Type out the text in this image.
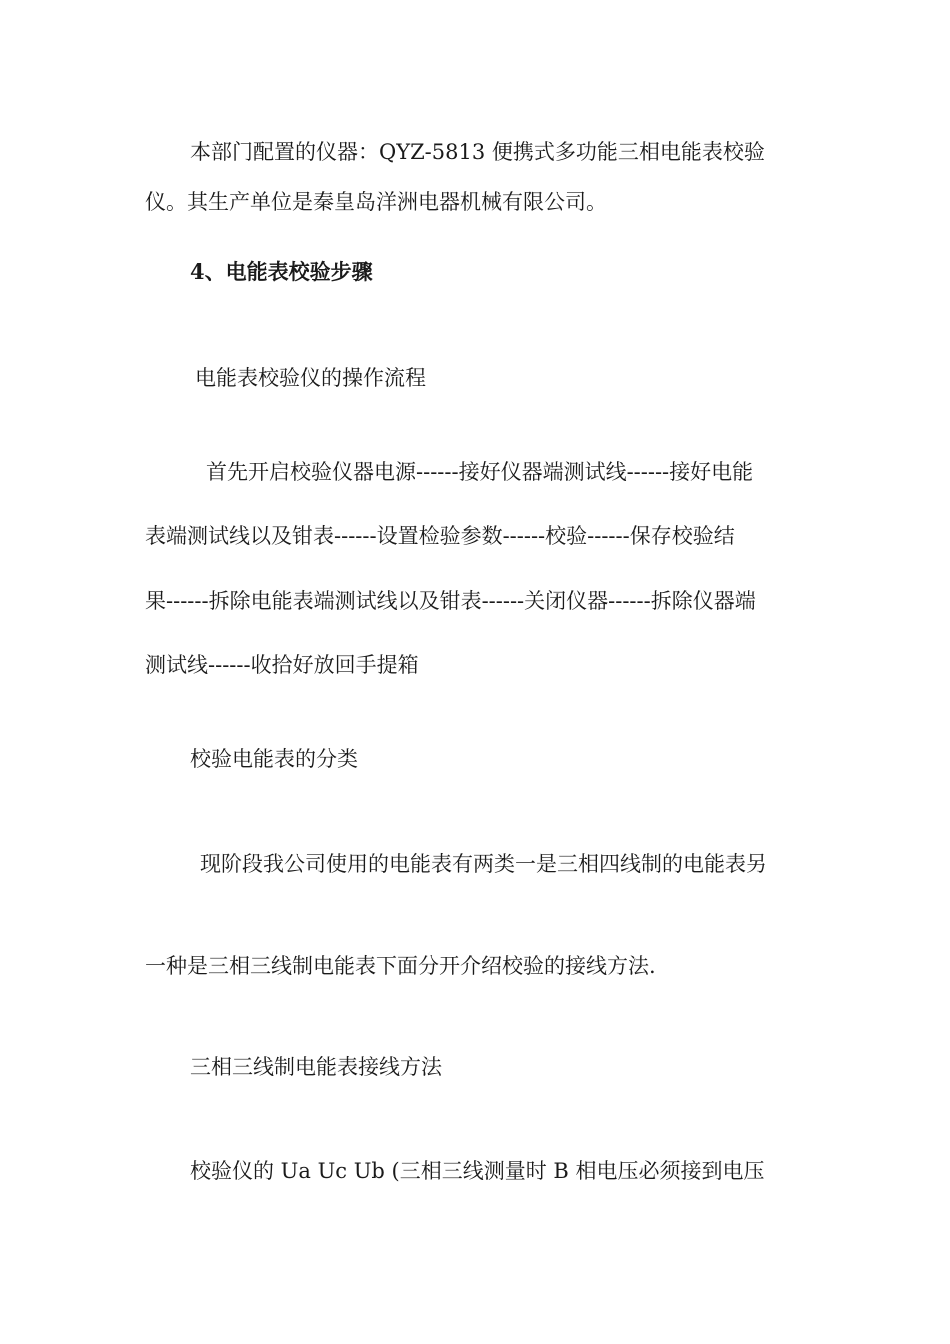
本部门配置的仪器：QYZ-5813 便携式多功能三相电能表校验

仪。其生产单位是秦皇岛洋洲电器机械有限公司。

4、电能表校验步骤

电能表校验仪的操作流程

首先开启校验仪器电源------接好仪器端测试线------接好电能

表端测试线以及钳表------设置检验参数------校验------保存校验结

果------拆除电能表端测试线以及钳表------关闭仪器------拆除仪器端

测试线------收拾好放回手提箱

校验电能表的分类

现阶段我公司使用的电能表有两类一是三相四线制的电能表另

一种是三相三线制电能表下面分开介绍校验的接线方法.

三相三线制电能表接线方法

校验仪的 Ua Uc Ub (三相三线测量时 B 相电压必须接到电压
